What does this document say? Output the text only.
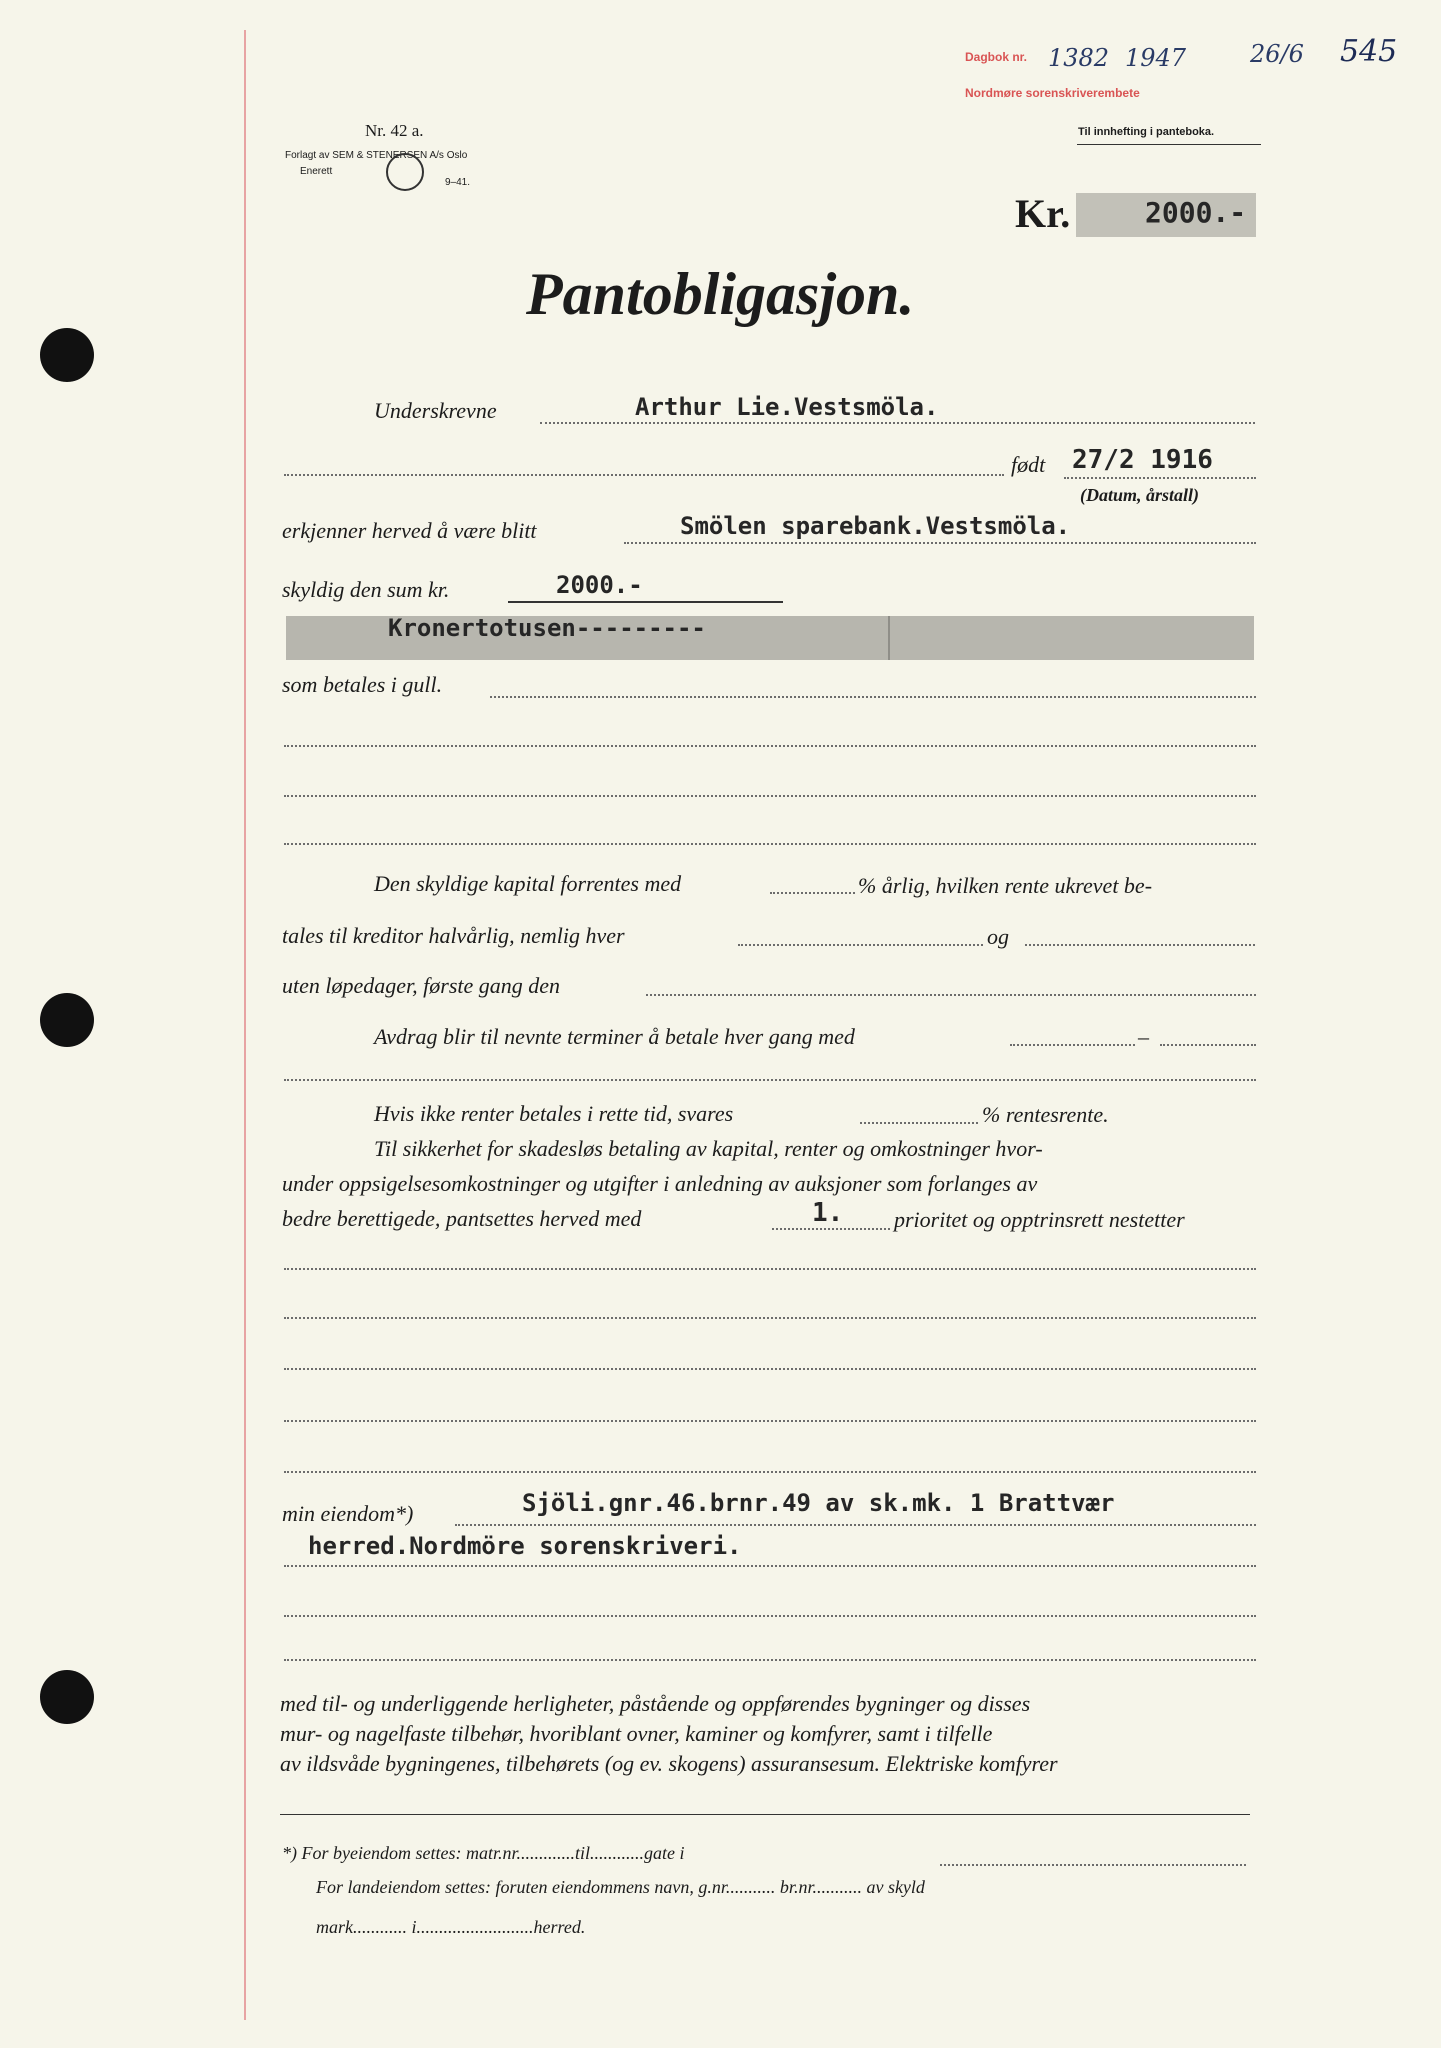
Dagbok nr.
Nordmøre sorenskriverembete
1382 1947	26/6 545
Til innhefting i panteboka.
Nr. 42 a.
Forlagt av SEM & STENERSEN A/s Oslo
Enerett
9–41.
Kr.	2000.-
Pantobligasjon.
Underskrevne	Arthur Lie.Vestsmöla.
født 27/2 1916
(Datum, årstall)
erkjenner herved å være blitt	Smölen sparebank.Vestsmöla.
skyldig den sum kr.	2000.-
Kronertotusen---------
som betales i gull.
Den skyldige kapital forrentes med	% årlig, hvilken rente ukrevet be-
tales til kreditor halvårlig, nemlig hver	og
uten løpedager, første gang den
Avdrag blir til nevnte terminer å betale hver gang med	–
Hvis ikke renter betales i rette tid, svares	% rentesrente.
Til sikkerhet for skadesløs betaling av kapital, renter og omkostninger hvor-
under oppsigelsesomkostninger og utgifter i anledning av auksjoner som forlanges av
bedre berettigede, pantsettes herved med	1. prioritet og opptrinsrett nestetter
min eiendom*)	Sjöli.gnr.46.brnr.49 av sk.mk. 1 Brattvær
herred.Nordmöre sorenskriveri.
med til- og underliggende herligheter, påstående og oppførendes bygninger og disses
mur- og nagelfaste tilbehør, hvoriblant ovner, kaminer og komfyrer, samt i tilfelle
av ildsvåde bygningenes, tilbehørets (og ev. skogens) assuransesum. Elektriske komfyrer
*) For byeiendom settes: matr.nr.............til............gate i
For landeiendom settes: foruten eiendommens navn, g.nr........... br.nr........... av skyld
mark............ i..........................herred.
